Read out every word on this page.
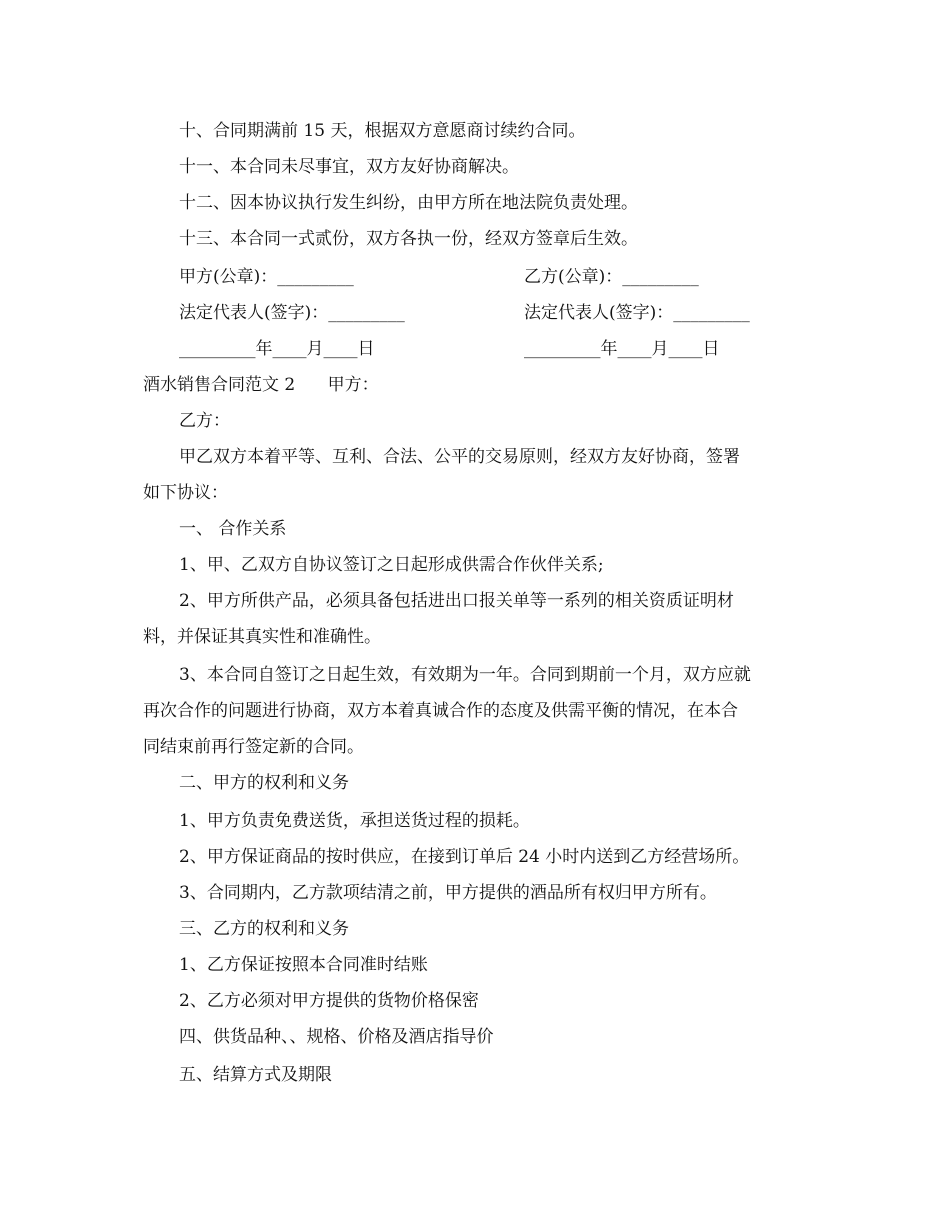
十、合同期满前 15 天，根据双方意愿商讨续约合同。
十一、本合同未尽事宜，双方友好协商解决。
十二、因本协议执行发生纠纷，由甲方所在地法院负责处理。
十三、本合同一式贰份，双方各执一份，经双方签章后生效。
甲方(公章)：_________	乙方(公章)：_________
法定代表人(签字)：_________	法定代表人(签字)：_________
_________年____月____日	_________年____月____日
酒水销售合同范文 2      甲方：
乙方：
甲乙双方本着平等、互利、合法、公平的交易原则，经双方友好协商，签署
如下协议：
一、 合作关系
1、甲、乙双方自协议签订之日起形成供需合作伙伴关系;
2、甲方所供产品，必须具备包括进出口报关单等一系列的相关资质证明材
料，并保证其真实性和准确性。
3、本合同自签订之日起生效，有效期为一年。合同到期前一个月，双方应就
再次合作的问题进行协商，双方本着真诚合作的态度及供需平衡的情况，在本合
同结束前再行签定新的合同。
二、甲方的权利和义务
1、甲方负责免费送货，承担送货过程的损耗。
2、甲方保证商品的按时供应，在接到订单后 24 小时内送到乙方经营场所。
3、合同期内，乙方款项结清之前，甲方提供的酒品所有权归甲方所有。
三、乙方的权利和义务
1、乙方保证按照本合同准时结账
2、乙方必须对甲方提供的货物价格保密
四、供货品种、、规格、价格及酒店指导价
五、结算方式及期限
